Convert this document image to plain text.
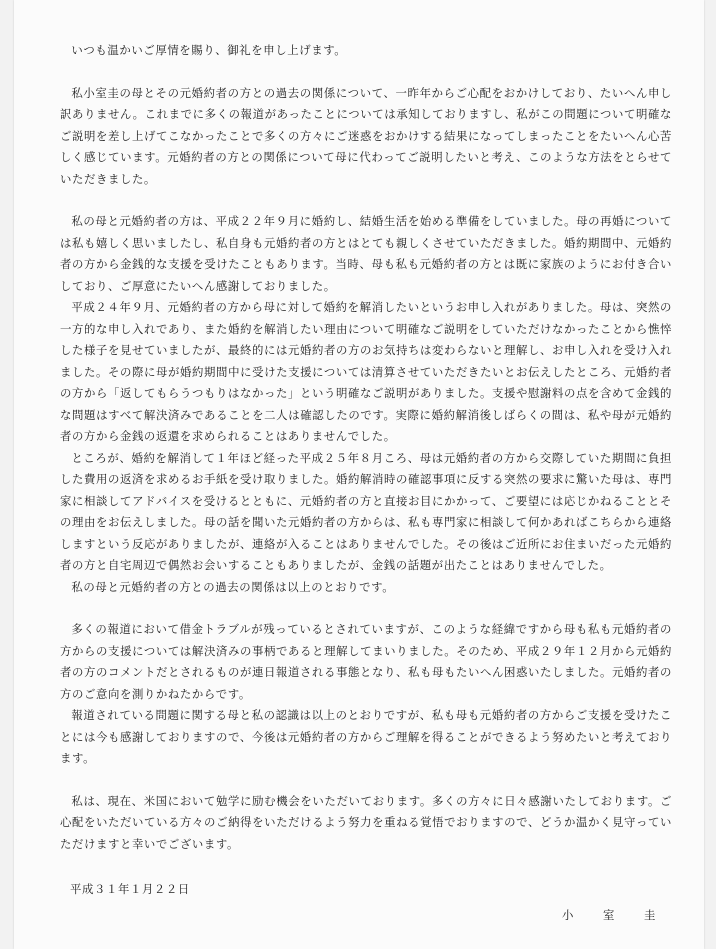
いつも温かいご厚情を賜り、御礼を申し上げます。

私小室圭の母とその元婚約者の方との過去の関係について、一昨年からご心配をおかけしており、たいへん申し訳ありません。これまでに多くの報道があったことについては承知しておりますし、私がこの問題について明確なご説明を差し上げてこなかったことで多くの方々にご迷惑をおかけする結果になってしまったことをたいへん心苦しく感じています。元婚約者の方との関係について母に代わってご説明したいと考え、このような方法をとらせていただきました。

私の母と元婚約者の方は、平成２２年９月に婚約し、結婚生活を始める準備をしていました。母の再婚については私も嬉しく思いましたし、私自身も元婚約者の方とはとても親しくさせていただきました。婚約期間中、元婚約者の方から金銭的な支援を受けたこともあります。当時、母も私も元婚約者の方とは既に家族のようにお付き合いしており、ご厚意にたいへん感謝しておりました。

平成２４年９月、元婚約者の方から母に対して婚約を解消したいというお申し入れがありました。母は、突然の一方的な申し入れであり、また婚約を解消したい理由について明確なご説明をしていただけなかったことから憔悴した様子を見せていましたが、最終的には元婚約者の方のお気持ちは変わらないと理解し、お申し入れを受け入れました。その際に母が婚約期間中に受けた支援については清算させていただきたいとお伝えしたところ、元婚約者の方から「返してもらうつもりはなかった」という明確なご説明がありました。支援や慰謝料の点を含めて金銭的な問題はすべて解決済みであることを二人は確認したのです。実際に婚約解消後しばらくの間は、私や母が元婚約者の方から金銭の返還を求められることはありませんでした。

ところが、婚約を解消して１年ほど経った平成２５年８月ころ、母は元婚約者の方から交際していた期間に負担した費用の返済を求めるお手紙を受け取りました。婚約解消時の確認事項に反する突然の要求に驚いた母は、専門家に相談してアドバイスを受けるとともに、元婚約者の方と直接お目にかかって、ご要望には応じかねることとその理由をお伝えしました。母の話を聞いた元婚約者の方からは、私も専門家に相談して何かあればこちらから連絡しますという反応がありましたが、連絡が入ることはありませんでした。その後はご近所にお住まいだった元婚約者の方と自宅周辺で偶然お会いすることもありましたが、金銭の話題が出たことはありませんでした。

私の母と元婚約者の方との過去の関係は以上のとおりです。

多くの報道において借金トラブルが残っているとされていますが、このような経緯ですから母も私も元婚約者の方からの支援については解決済みの事柄であると理解してまいりました。そのため、平成２９年１２月から元婚約者の方のコメントだとされるものが連日報道される事態となり、私も母もたいへん困惑いたしました。元婚約者の方のご意向を測りかねたからです。

報道されている問題に関する母と私の認識は以上のとおりですが、私も母も元婚約者の方からご支援を受けたことには今も感謝しておりますので、今後は元婚約者の方からご理解を得ることができるよう努めたいと考えております。

私は、現在、米国において勉学に励む機会をいただいております。多くの方々に日々感謝いたしております。ご心配をいただいている方々のご納得をいただけるよう努力を重ねる覚悟でおりますので、どうか温かく見守っていただけますと幸いでございます。

平成３１年１月２２日
小 室 圭
